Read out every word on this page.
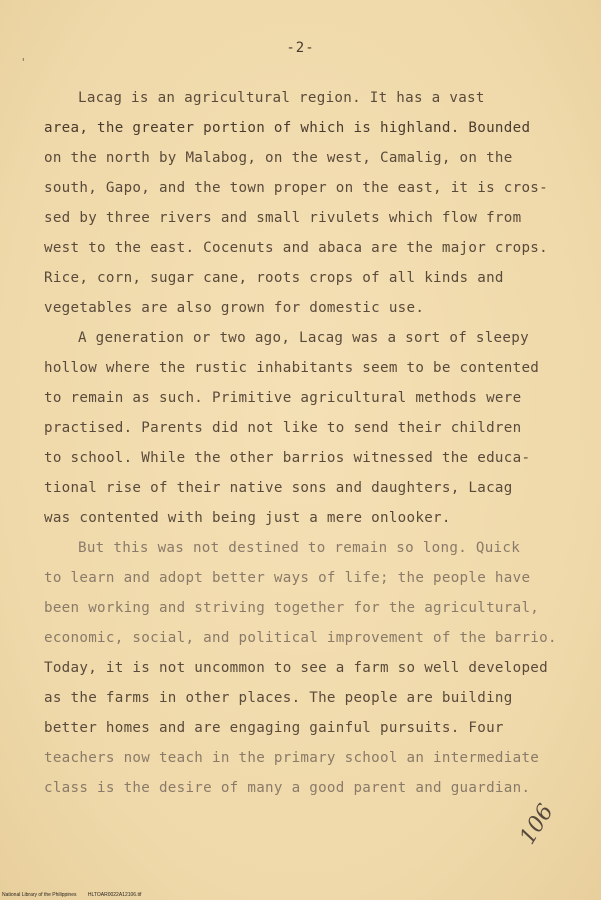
-2-
'
Lacag is an agricultural region. It has a vast
area, the greater portion of which is highland. Bounded
on the north by Malabog, on the west, Camalig, on the
south, Gapo, and the town proper on the east, it is cros-
sed by three rivers and small rivulets which flow from
west to the east. Cocenuts and abaca are the major crops.
Rice, corn, sugar cane, roots crops of all kinds and
vegetables are also grown for domestic use.
A generation or two ago, Lacag was a sort of sleepy
hollow where the rustic inhabitants seem to be contented
to remain as such. Primitive agricultural methods were
practised. Parents did not like to send their children
to school. While the other barrios witnessed the educa-
tional rise of their native sons and daughters, Lacag
was contented with being just a mere onlooker.
But this was not destined to remain so long. Quick
to learn and adopt better ways of life; the people have
been working and striving together for the agricultural,
economic, social, and political improvement of the barrio.
Today, it is not uncommon to see a farm so well developed
as the farms in other places. The people are building
better homes and are engaging gainful pursuits. Four
teachers now teach in the primary school an intermediate
class is the desire of many a good parent and guardian.
106
National Library of the Philippines HLTOAR0022A12106.tif
